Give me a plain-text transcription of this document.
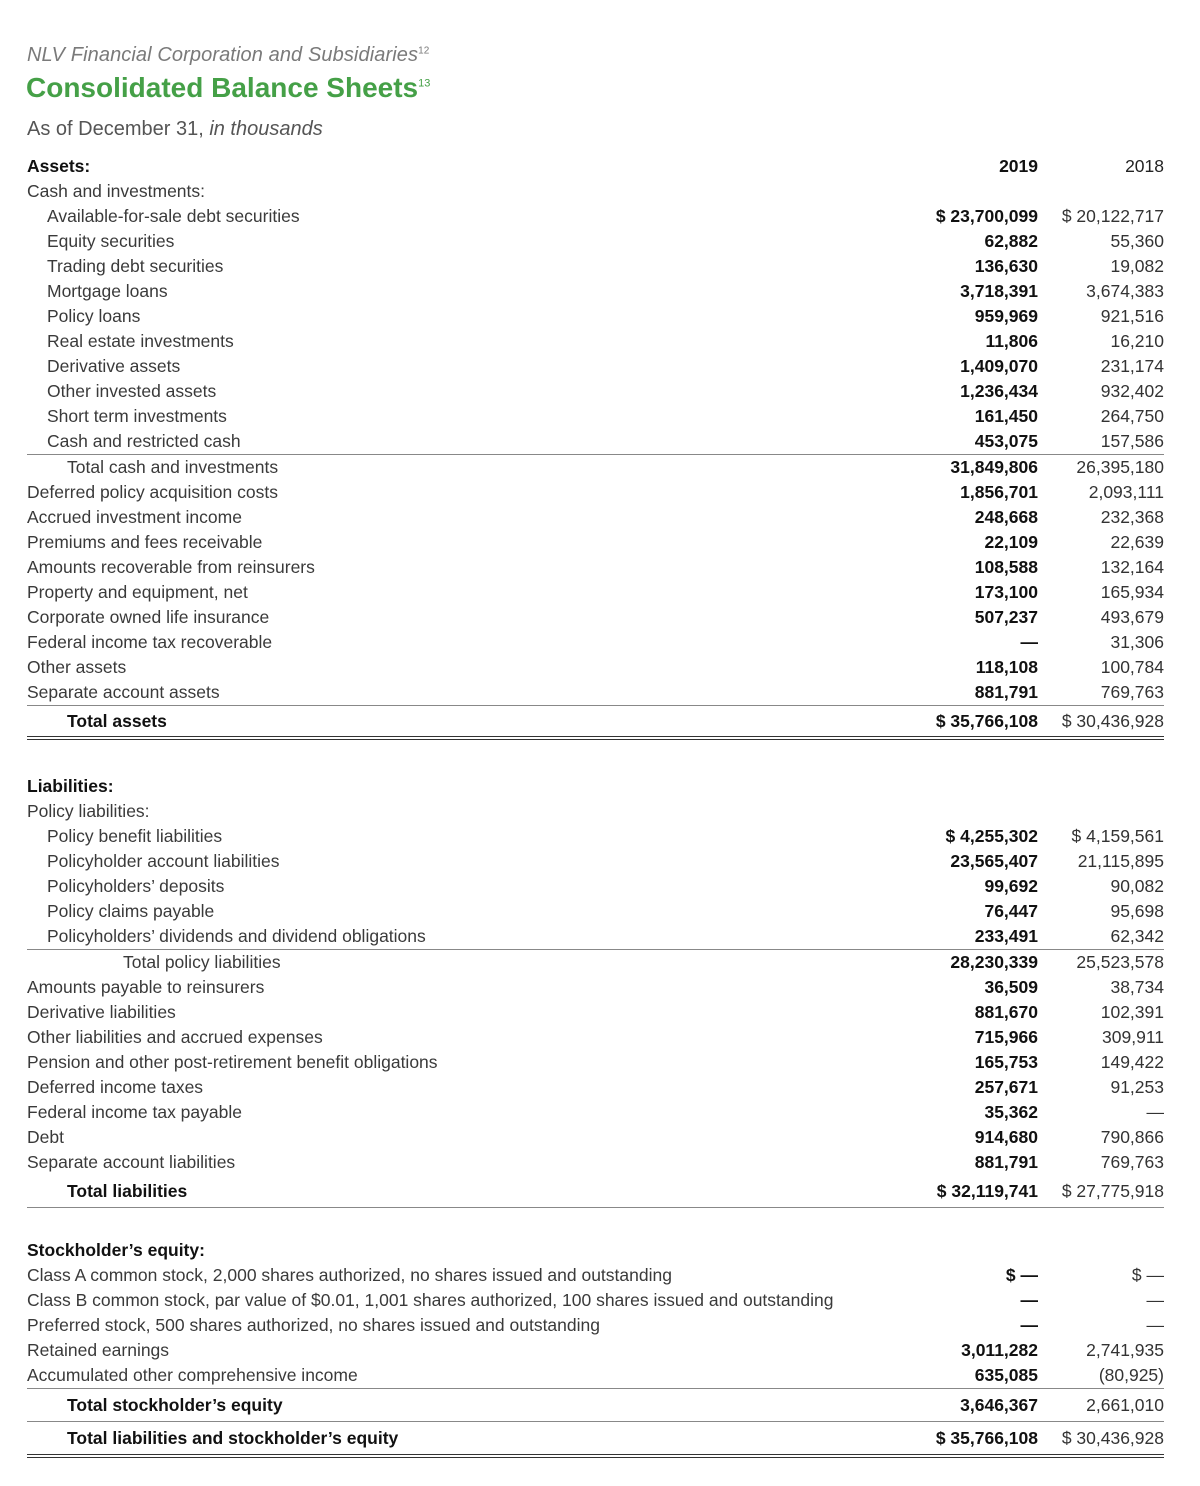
NLV Financial Corporation and Subsidiaries$^{12}$
Consolidated Balance Sheets$^{13}$
As of December 31, in thousands
Assets:	2019	2018
Cash and investments:
Available-for-sale debt securities	$ 23,700,099 $ 20,122,717
Equity securities	62,882	55,360
Trading debt securities	136,630	19,082
Mortgage loans	3,718,391	3,674,383
Policy loans	959,969	921,516
Real estate investments	11,806	16,210
Derivative assets	1,409,070	231,174
Other invested assets	1,236,434	932,402
Short term investments	161,450	264,750
Cash and restricted cash	453,075	157,586
Total cash and investments	31,849,806 26,395,180
Deferred policy acquisition costs	1,856,701	2,093,111
Accrued investment income	248,668	232,368
Premiums and fees receivable	22,109	22,639
Amounts recoverable from reinsurers	108,588	132,164
Property and equipment, net	173,100	165,934
Corporate owned life insurance	507,237	493,679
Federal income tax recoverable	—	31,306
Other assets	118,108	100,784
Separate account assets	881,791	769,763
Total assets	$ 35,766,108 $ 30,436,928
Liabilities:
Policy liabilities:
Policy benefit liabilities	$ 4,255,302 $ 4,159,561
Policyholder account liabilities	23,565,407 21,115,895
Policyholders’ deposits	99,692	90,082
Policy claims payable	76,447	95,698
Policyholders’ dividends and dividend obligations	233,491	62,342
Total policy liabilities	28,230,339 25,523,578
Amounts payable to reinsurers	36,509	38,734
Derivative liabilities	881,670	102,391
Other liabilities and accrued expenses	715,966	309,911
Pension and other post-retirement benefit obligations	165,753	149,422
Deferred income taxes	257,671	91,253
Federal income tax payable	35,362	—
Debt	914,680	790,866
Separate account liabilities	881,791	769,763
Total liabilities	$ 32,119,741 $ 27,775,918
Stockholder’s equity:
Class A common stock, 2,000 shares authorized, no shares issued and outstanding	$ —	$ —
Class B common stock, par value of $0.01, 1,001 shares authorized, 100 shares issued and outstanding	—	—
Preferred stock, 500 shares authorized, no shares issued and outstanding	—	—
Retained earnings	3,011,282	2,741,935
Accumulated other comprehensive income	635,085	(80,925)
Total stockholder’s equity	3,646,367	2,661,010
Total liabilities and stockholder’s equity	$ 35,766,108 $ 30,436,928
